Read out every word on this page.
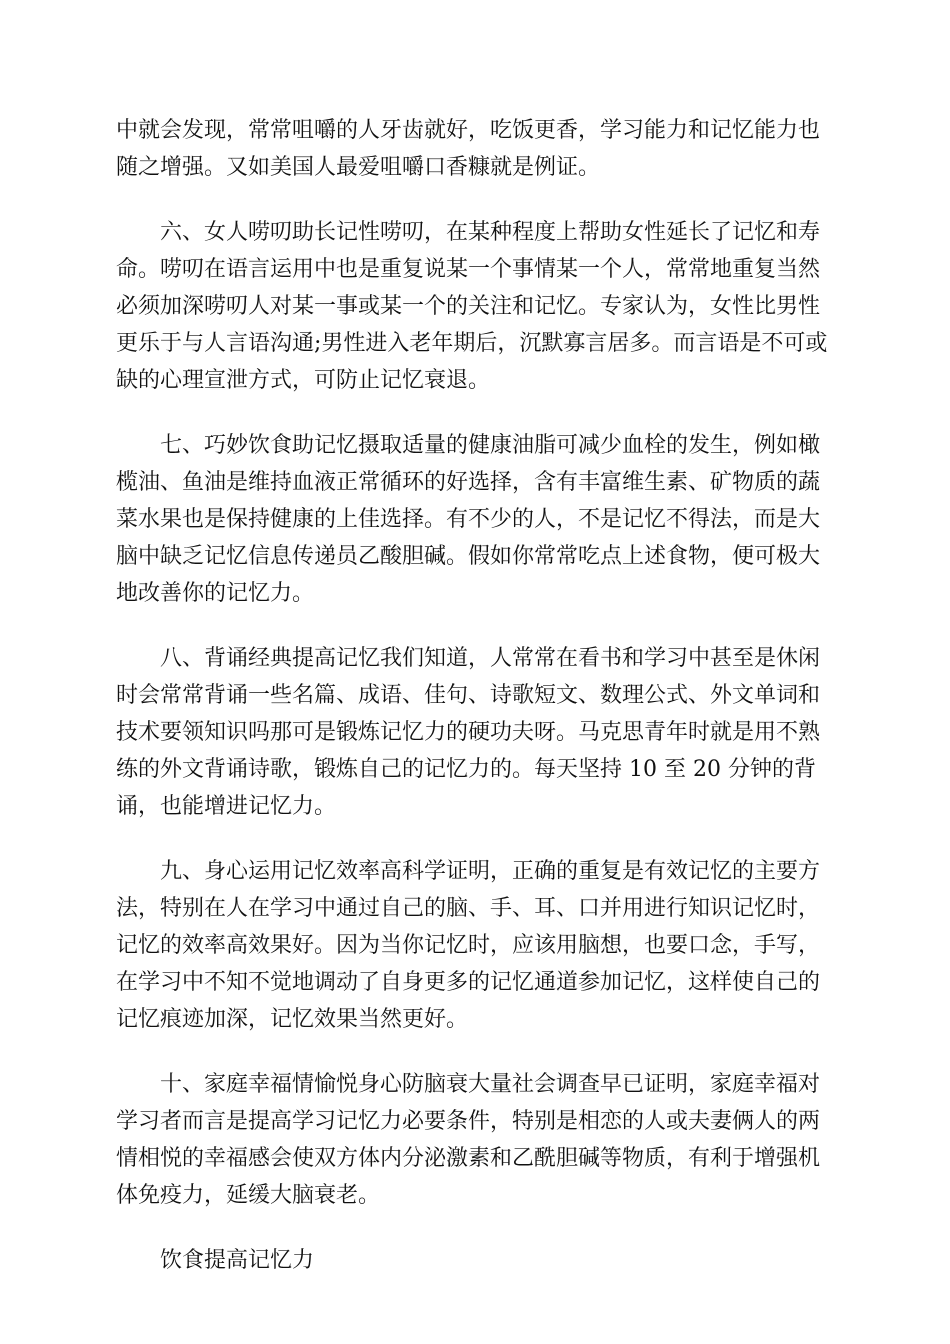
中就会发现，常常咀嚼的人牙齿就好，吃饭更香，学习能力和记忆能力也随之增强。又如美国人最爱咀嚼口香糠就是例证。

六、女人唠叨助长记性唠叨，在某种程度上帮助女性延长了记忆和寿命。唠叨在语言运用中也是重复说某一个事情某一个人，常常地重复当然必须加深唠叨人对某一事或某一个的关注和记忆。专家认为，女性比男性更乐于与人言语沟通;男性进入老年期后，沉默寡言居多。而言语是不可或缺的心理宣泄方式，可防止记忆衰退。

七、巧妙饮食助记忆摄取适量的健康油脂可减少血栓的发生，例如橄榄油、鱼油是维持血液正常循环的好选择，含有丰富维生素、矿物质的蔬菜水果也是保持健康的上佳选择。有不少的人，不是记忆不得法，而是大脑中缺乏记忆信息传递员乙酸胆碱。假如你常常吃点上述食物，便可极大地改善你的记忆力。

八、背诵经典提高记忆我们知道，人常常在看书和学习中甚至是休闲时会常常背诵一些名篇、成语、佳句、诗歌短文、数理公式、外文单词和技术要领知识吗那可是锻炼记忆力的硬功夫呀。马克思青年时就是用不熟练的外文背诵诗歌，锻炼自己的记忆力的。每天坚持 10 至 20 分钟的背诵，也能增进记忆力。

九、身心运用记忆效率高科学证明，正确的重复是有效记忆的主要方法，特别在人在学习中通过自己的脑、手、耳、口并用进行知识记忆时，记忆的效率高效果好。因为当你记忆时，应该用脑想，也要口念，手写，在学习中不知不觉地调动了自身更多的记忆通道参加记忆，这样使自己的记忆痕迹加深，记忆效果当然更好。

十、家庭幸福情愉悦身心防脑衰大量社会调查早已证明，家庭幸福对学习者而言是提高学习记忆力必要条件，特别是相恋的人或夫妻俩人的两情相悦的幸福感会使双方体内分泌激素和乙酰胆碱等物质，有利于增强机体免疫力，延缓大脑衰老。

饮食提高记忆力
